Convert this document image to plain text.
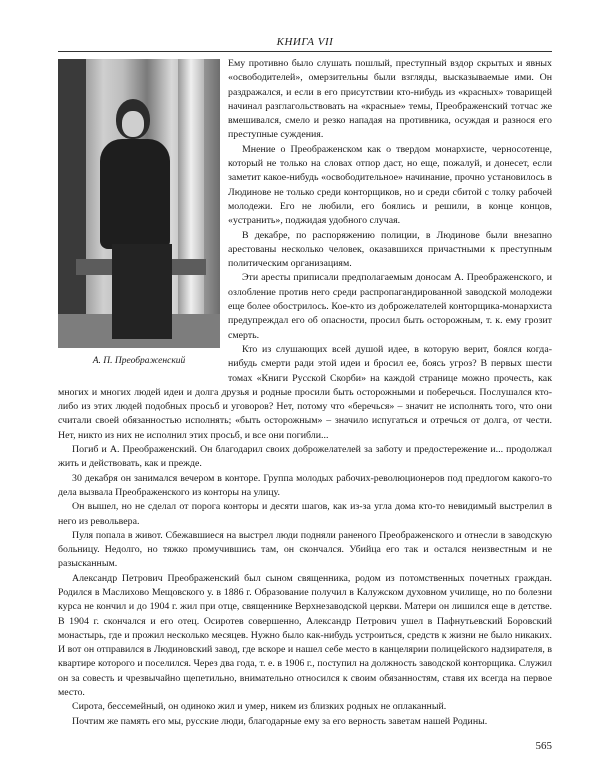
КНИГА VII
А. П. Преображенский

Ему противно было слушать пошлый, преступный вздор скрытых и явных «освободителей», омерзительны были взгляды, высказываемые ими. Он раздражался, и если в его присутствии кто-нибудь из «красных» товарищей начинал разглагольствовать на «красные» темы, Преображенский тотчас же вмешивался, смело и резко нападая на противника, осуждая и разнося его преступные суждения.

Мнение о Преображенском как о твердом монархисте, черносотенце, который не только на словах отпор даст, но еще, пожалуй, и донесет, если заметит какое-нибудь «освободительное» начинание, прочно установилось в Людинове не только среди конторщиков, но и среди сбитой с толку рабочей молодежи. Его не любили, его боялись и решили, в конце концов, «устранить», поджидая удобного случая.

В декабре, по распоряжению полиции, в Людинове были внезапно арестованы несколько человек, оказавшихся причастными к преступным политическим организациям.

Эти аресты приписали предполагаемым доносам А. Преображенского, и озлобление против него среди распропагандированной заводской молодежи еще более обострилось. Кое-кто из доброжелателей конторщика-монархиста предупреждал его об опасности, просил быть осторожным, т. к. ему грозит смерть.

Кто из слушающих всей душой идее, в которую верит, боялся когда-нибудь смерти ради этой идеи и бросил ее, боясь угроз? В первых шести томах «Книги Русской Скорби» на каждой странице можно прочесть, как многих и многих людей идеи и долга друзья и родные просили быть осторожными и поберечься. Послушался кто-либо из этих людей подобных просьб и уговоров? Нет, потому что «беречься» – значит не исполнять того, что они считали своей обязанностью исполнять; «быть осторожным» – значило испугаться и отречься от долга, от чести. Нет, никто из них не исполнил этих просьб, и все они погибли...

Погиб и А. Преображенский. Он благодарил своих доброжелателей за заботу и предостережение и... продолжал жить и действовать, как и прежде.

30 декабря он занимался вечером в конторе. Группа молодых рабочих-революционеров под предлогом какого-то дела вызвала Преображенского из конторы на улицу.

Он вышел, но не сделал от порога конторы и десяти шагов, как из-за угла дома кто-то невидимый выстрелил в него из револьвера.

Пуля попала в живот. Сбежавшиеся на выстрел люди подняли раненого Преображенского и отнесли в заводскую больницу. Недолго, но тяжко промучившись там, он скончался. Убийца его так и остался неизвестным и не разысканным.

Александр Петрович Преображенский был сыном священника, родом из потомственных почетных граждан. Родился в Маслихово Мещовского у. в 1886 г. Образование получил в Калужском духовном училище, но по болезни курса не кончил и до 1904 г. жил при отце, священнике Верхнезаводской церкви. Матери он лишился еще в детстве. В 1904 г. скончался и его отец. Осиротев совершенно, Александр Петрович ушел в Пафнутьевский Боровский монастырь, где и прожил несколько месяцев. Нужно было как-нибудь устроиться, средств к жизни не было никаких. И вот он отправился в Людиновский завод, где вскоре и нашел себе место в канцелярии полицейского надзирателя, в квартире которого и поселился. Через два года, т. е. в 1906 г., поступил на должность заводской конторщика. Служил он за совесть и чрезвычайно щепетильно, внимательно относился к своим обязанностям, ставя их всегда на первое место.

Сирота, бессемейный, он одиноко жил и умер, никем из близких родных не оплаканный.

Почтим же память его мы, русские люди, благодарные ему за его верность заветам нашей Родины.

565
